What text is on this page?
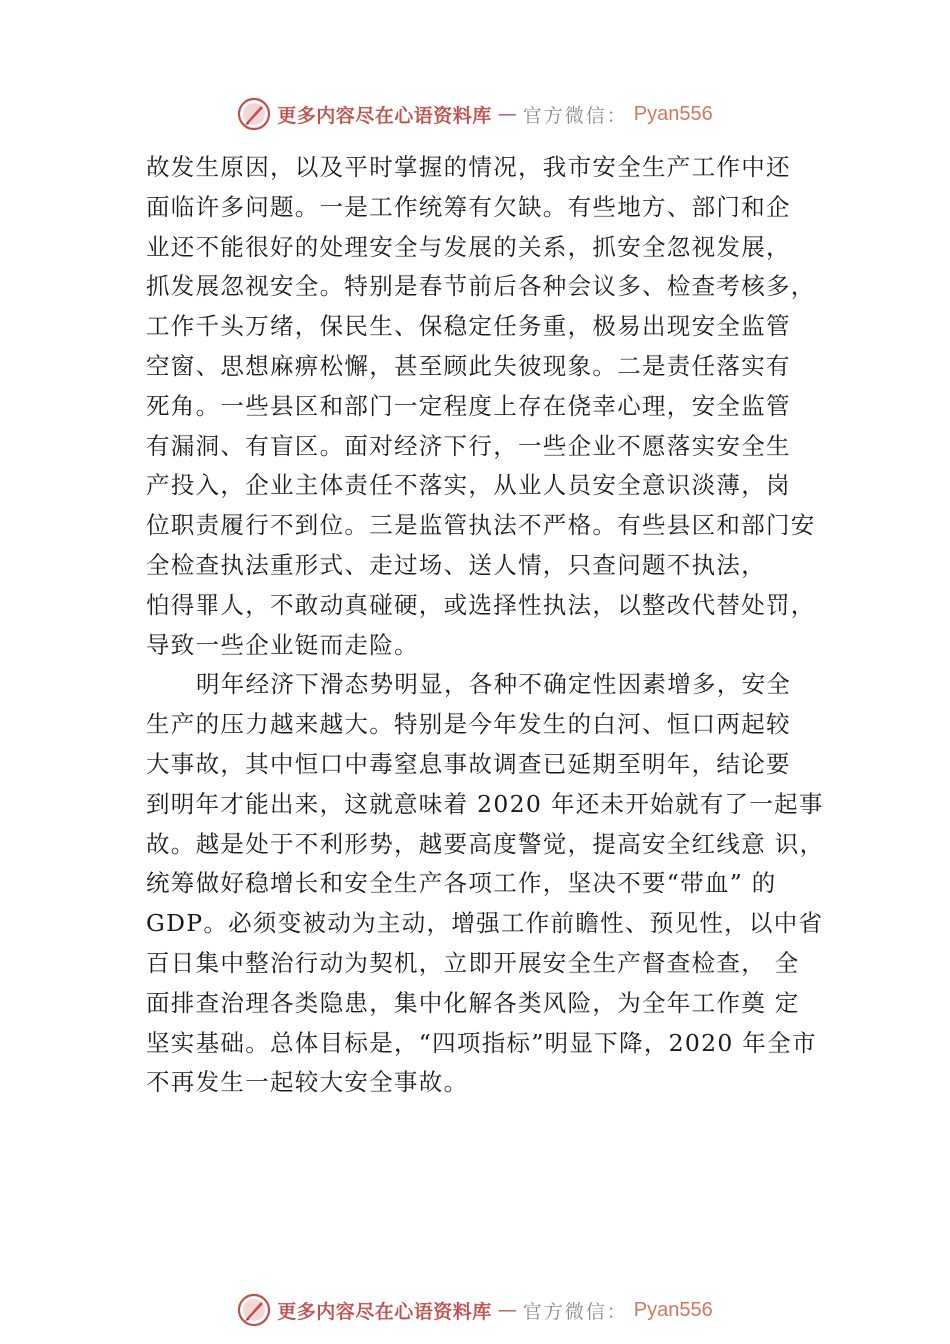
更多内容尽在心语资料库 — 官方微信： Pyan556
故发生原因，以及平时掌握的情况，我市安全生产工作中还
面临许多问题。一是工作统筹有欠缺。有些地方、部门和企
业还不能很好的处理安全与发展的关系，抓安全忽视发展，
抓发展忽视安全。特别是春节前后各种会议多、检查考核多，
工作千头万绪，保民生、保稳定任务重，极易出现安全监管
空窗、思想麻痹松懈，甚至顾此失彼现象。二是责任落实有
死角。一些县区和部门一定程度上存在侥幸心理，安全监管
有漏洞、有盲区。面对经济下行，一些企业不愿落实安全生
产投入，企业主体责任不落实，从业人员安全意识淡薄，岗
位职责履行不到位。三是监管执法不严格。有些县区和部门安
全检查执法重形式、走过场、送人情，只查问题不执法，
怕得罪人，不敢动真碰硬，或选择性执法，以整改代替处罚，
导致一些企业铤而走险。
明年经济下滑态势明显，各种不确定性因素增多，安全
生产的压力越来越大。特别是今年发生的白河、恒口两起较
大事故，其中恒口中毒窒息事故调查已延期至明年，结论要
到明年才能出来，这就意味着 2020 年还未开始就有了一起事
故。越是处于不利形势，越要高度警觉，提高安全红线意 识，
统筹做好稳增长和安全生产各项工作，坚决不要“带血” 的
GDP。必须变被动为主动，增强工作前瞻性、预见性，以中省
百日集中整治行动为契机，立即开展安全生产督查检查， 全
面排查治理各类隐患，集中化解各类风险，为全年工作奠 定
坚实基础。总体目标是，“四项指标”明显下降，2020 年全市
不再发生一起较大安全事故。
更多内容尽在心语资料库 — 官方微信： Pyan556
